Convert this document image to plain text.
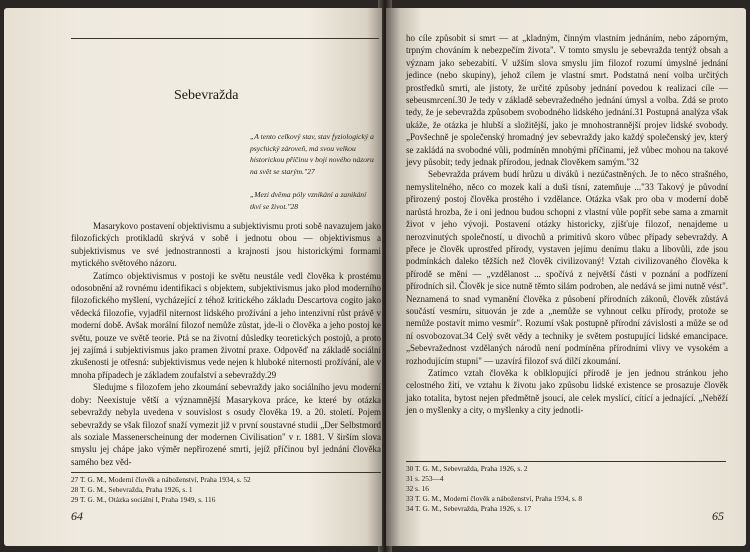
Sebevražda
„A tento celkový stav, stav fyziologický a psychický zároveň, má svou velkou historickou příčinu v boji nového názoru na svět se starým."27
„Mezi dvěma póly vznikání a zanikání tkví se život."28

Masarykovo postavení objektivismu a subjektivismu proti sobě navazujem jako filozofických protikladů skrývá v sobě i jednotu obou — objektivismus a subjektivismus ve své jednostrannosti a krajnosti jsou historickými formami mytického světového názoru.

Zatímco objektivismus v postoji ke světu neustále vedl člověka k prostému odosobnění až rovnému identifikaci s objektem, subjektivismus jako plod moderního filozofického myšlení, vycházející z téhož kritického základu Descartova cogito jako vědecká filozofie, vyjadřil niternost lidského prožívání a jeho intenzivní růst právě v moderní době. Avšak morální filozof nemůže zůstat, jde-li o člověka a jeho postoj ke světu, pouze ve světě teorie. Ptá se na životní důsledky teoretických postojů, a proto jej zajímá i subjektivismus jako pramen životní praxe. Odpověď na základě sociální zkušenosti je otřesná: subjektivismus vede nejen k hluboké niternosti prožívání, ale v mnoha případech je základem zoufalství a sebevraždy.29

Sledujme s filozofem jeho zkoumání sebevraždy jako sociálního jevu moderní doby: Neexistuje větší a významnější Masarykova práce, ke které by otázka sebevraždy nebyla uvedena v souvislost s osudy člověka 19. a 20. století. Pojem sebevraždy se však filozof snaží vymezit již v první soustavné studii „Der Selbstmord als soziale Massenerscheinung der modernen Civilisation" v r. 1881. V širším slova smyslu jej chápe jako výměr nepřirozené smrti, jejíž příčinou byl jednání člověka samého bez věd-

27 T. G. M., Moderní člověk a náboženství, Praha 1934, s. 52
28 T. G. M., Sebevražda, Praha 1926, s. 1
29 T. G. M., Otázka sociální I, Praha 1949, s. 116
64

ho cíle způsobit si smrt — at „kladným, činným vlastním jednáním, nebo záporným, trpným chováním k nebezpečím života". V tomto smyslu je sebevražda tentýž obsah a význam jako sebezabití. V užším slova smyslu jím filozof rozumí úmyslné jednání jedince (nebo skupiny), jehož cílem je vlastní smrt. Podstatná není volba určitých prostředků smrti, ale jistoty, že určité způsoby jednání povedou k realizaci cíle — sebeusmrcení.30 Je tedy v základě sebevražedného jednání úmysl a volba. Zdá se proto tedy, že je sebevražda způsobem svobodného lidského jednání.31 Postupná analýza však ukáže, že otázka je hlubší a složitější, jako je mnohostrannější projev lidské svobody. „Povšechně je společenský hromadný jev sebevraždy jako každý společenský jev, který se zakládá na svobodné vůli, podmíněn mnohými příčinami, jež vůbec mohou na takové jevy působit; tedy jednak přírodou, jednak člověkem samým."32

Sebevražda právem budí hrůzu u diváků i nezúčastněných. Je to něco strašného, nemyslitelného, něco co mozek kalí a duši tísní, zatemňuje ..."33 Takový je původní přirozený postoj člověka prostého i vzdělance. Otázka však pro oba v moderní době narůstá hrozba, že i oni jednou budou schopni z vlastní vůle popřít sebe sama a zmarnit život v jeho vývoji. Postavení otázky historicky, zjišťuje filozof, nenajdeme u nerozvinutých společností, u divochů a primitivů skoro vůbec případy sebevraždy. A přece je člověk uprostřed přírody, vystaven jejímu denímu tlaku a libovůli, zde jsou podmínkách daleko těžších než člověk civilizovaný! Vztah civilizovaného člověka k přírodě se mění — „vzdělanost ... spočívá z největší části v poznání a podřízení přírodních sil. Člověk je sice nutně těmto silám podroben, ale nedává se jimi nutně vést". Neznamená to snad vymanění člověka z působení přírodních zákonů, člověk zůstává součástí vesmíru, situován je zde a „nemůže se vyhnout celku přírody, protože se nemůže postavit mimo vesmír". Rozumí však postupně přírodní závislosti a může se od ní osvobozovat.34 Celý svět vědy a techniky je světem postupující lidské emancipace. „Sebevražednost vzdělaných národů není podmíněna přírodními vlivy ve vysokém a rozhodujícím stupni" — uzavírá filozof svá dílčí zkoumání.

Zatímco vztah člověka k oblklopující přírodě je jen jednou stránkou jeho celostného žití, ve vztahu k životu jako způsobu lidské existence se prosazuje člověk jako totalita, bytost nejen předmětně jsoucí, ale celek myslící, cítící a jednající. „Neběží jen o myšlenky a city, o myšlenky a city jednotli-

30 T. G. M., Sebevražda, Praha 1926, s. 2
31 s. 253—4
32 s. 16
33 T. G. M., Moderní člověk a náboženství, Praha 1934, s. 8
34 T. G. M., Sebevražda, Praha 1926, s. 17
65
